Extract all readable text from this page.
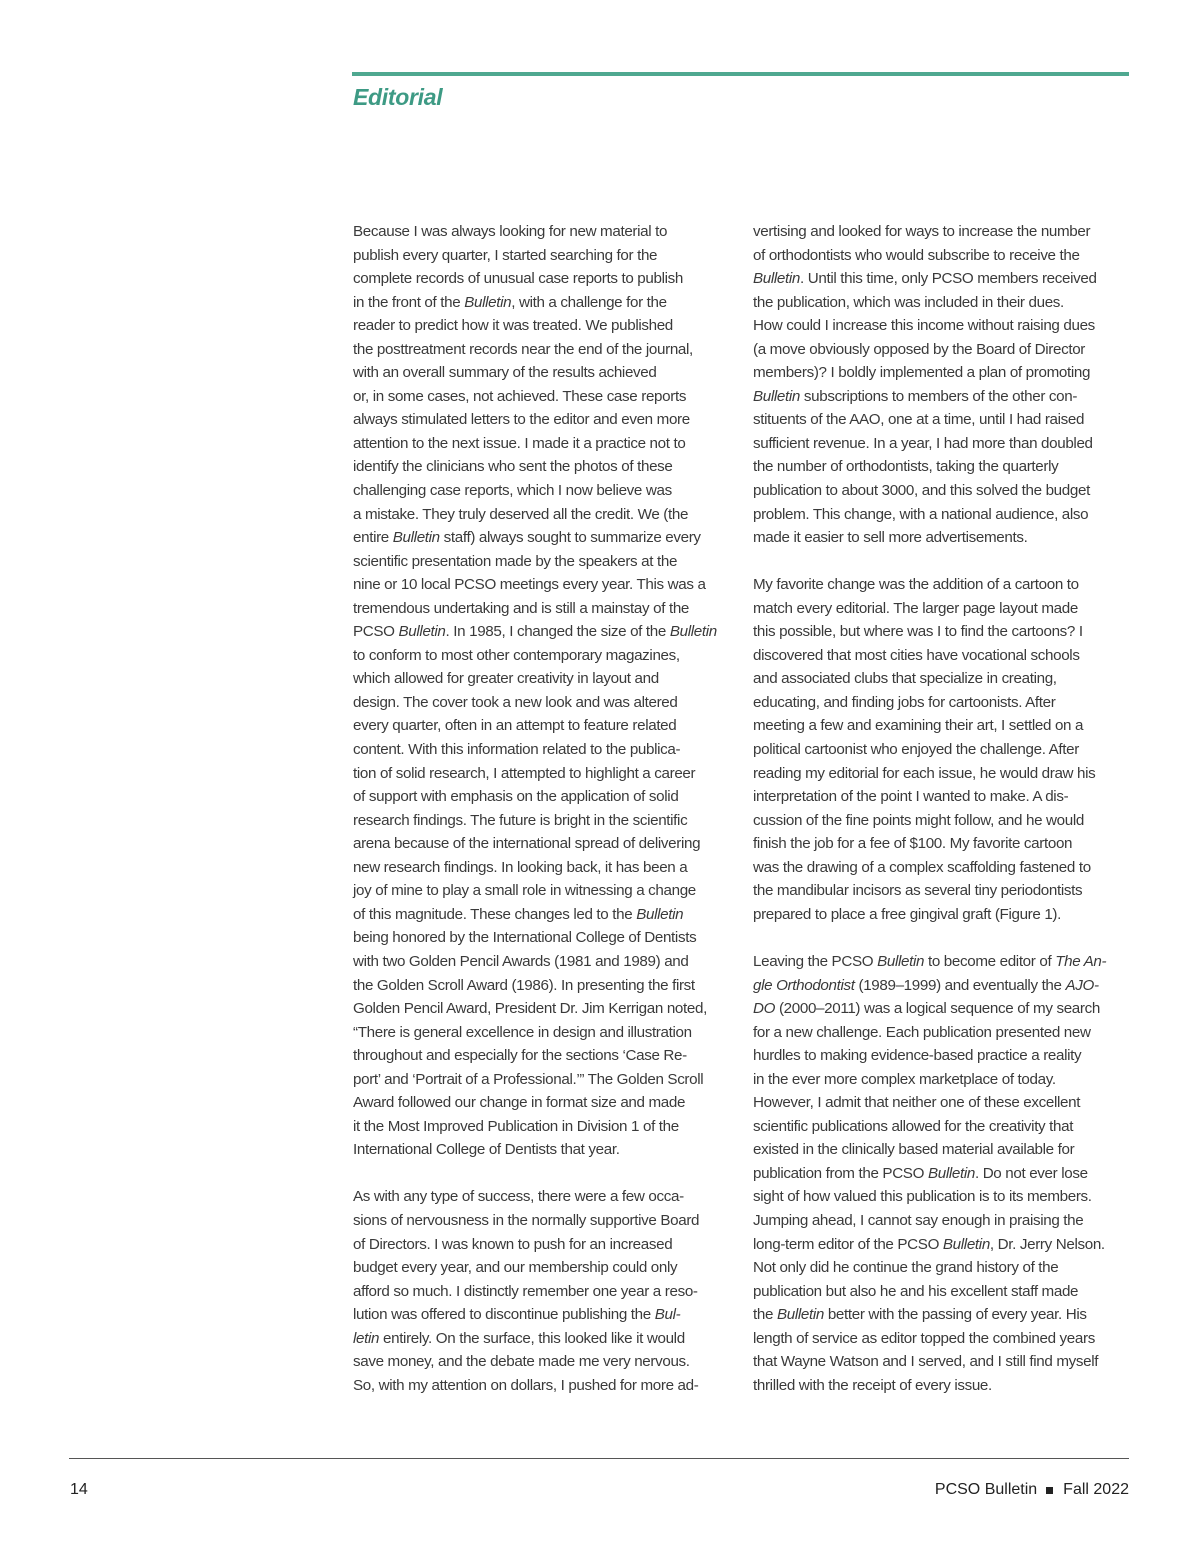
Editorial
Because I was always looking for new material to
publish every quarter, I started searching for the
complete records of unusual case reports to publish
in the front of the Bulletin, with a challenge for the
reader to predict how it was treated. We published
the posttreatment records near the end of the journal,
with an overall summary of the results achieved
or, in some cases, not achieved. These case reports
always stimulated letters to the editor and even more
attention to the next issue. I made it a practice not to
identify the clinicians who sent the photos of these
challenging case reports, which I now believe was
a mistake. They truly deserved all the credit. We (the
entire Bulletin staff) always sought to summarize every
scientific presentation made by the speakers at the
nine or 10 local PCSO meetings every year. This was a
tremendous undertaking and is still a mainstay of the
PCSO Bulletin. In 1985, I changed the size of the Bulletin
to conform to most other contemporary magazines,
which allowed for greater creativity in layout and
design. The cover took a new look and was altered
every quarter, often in an attempt to feature related
content. With this information related to the publica-
tion of solid research, I attempted to highlight a career
of support with emphasis on the application of solid
research findings. The future is bright in the scientific
arena because of the international spread of delivering
new research findings. In looking back, it has been a
joy of mine to play a small role in witnessing a change
of this magnitude. These changes led to the Bulletin
being honored by the International College of Dentists
with two Golden Pencil Awards (1981 and 1989) and
the Golden Scroll Award (1986). In presenting the first
Golden Pencil Award, President Dr. Jim Kerrigan noted,
“There is general excellence in design and illustration
throughout and especially for the sections ‘Case Re-
port’ and ‘Portrait of a Professional.’” The Golden Scroll
Award followed our change in format size and made
it the Most Improved Publication in Division 1 of the
International College of Dentists that year.
As with any type of success, there were a few occa-
sions of nervousness in the normally supportive Board
of Directors. I was known to push for an increased
budget every year, and our membership could only
afford so much. I distinctly remember one year a reso-
lution was offered to discontinue publishing the Bul-
letin entirely. On the surface, this looked like it would
save money, and the debate made me very nervous.
So, with my attention on dollars, I pushed for more ad-
vertising and looked for ways to increase the number
of orthodontists who would subscribe to receive the
Bulletin. Until this time, only PCSO members received
the publication, which was included in their dues.
How could I increase this income without raising dues
(a move obviously opposed by the Board of Director
members)? I boldly implemented a plan of promoting
Bulletin subscriptions to members of the other con-
stituents of the AAO, one at a time, until I had raised
sufficient revenue. In a year, I had more than doubled
the number of orthodontists, taking the quarterly
publication to about 3000, and this solved the budget
problem. This change, with a national audience, also
made it easier to sell more advertisements.
My favorite change was the addition of a cartoon to
match every editorial. The larger page layout made
this possible, but where was I to find the cartoons? I
discovered that most cities have vocational schools
and associated clubs that specialize in creating,
educating, and finding jobs for cartoonists. After
meeting a few and examining their art, I settled on a
political cartoonist who enjoyed the challenge. After
reading my editorial for each issue, he would draw his
interpretation of the point I wanted to make. A dis-
cussion of the fine points might follow, and he would
finish the job for a fee of $100. My favorite cartoon
was the drawing of a complex scaffolding fastened to
the mandibular incisors as several tiny periodontists
prepared to place a free gingival graft (Figure 1).
Leaving the PCSO Bulletin to become editor of The An-
gle Orthodontist (1989–1999) and eventually the AJO-
DO (2000–2011) was a logical sequence of my search
for a new challenge. Each publication presented new
hurdles to making evidence-based practice a reality
in the ever more complex marketplace of today.
However, I admit that neither one of these excellent
scientific publications allowed for the creativity that
existed in the clinically based material available for
publication from the PCSO Bulletin. Do not ever lose
sight of how valued this publication is to its members.
Jumping ahead, I cannot say enough in praising the
long-term editor of the PCSO Bulletin, Dr. Jerry Nelson.
Not only did he continue the grand history of the
publication but also he and his excellent staff made
the Bulletin better with the passing of every year. His
length of service as editor topped the combined years
that Wayne Watson and I served, and I still find myself
thrilled with the receipt of every issue.
14	PCSO Bulletin Fall 2022
